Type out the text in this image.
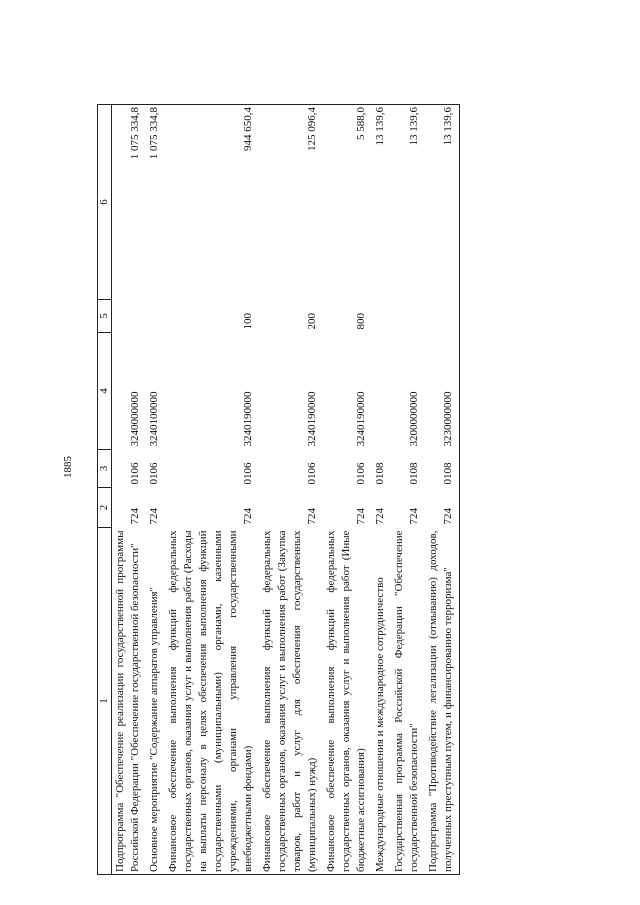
1885
1	2	3	4	5	6
Подпрограмма "Обеспечение реализации государственной программы Российской Федерации "Обеспечение государственной безопасности"	724	0106	3240000000		1 075 334,8
Основное мероприятие "Содержание аппаратов управления"	724	0106	3240100000		1 075 334,8
Финансовое обеспечение выполнения функций федеральных государственных органов, оказания услуг и выполнения работ (Расходы на выплаты персоналу в целях обеспечения выполнения функций государственными (муниципальными) органами, казенными учреждениями, органами управления государственными внебюджетными фондами)	724	0106	3240190000	100	944 650,4
Финансовое обеспечение выполнения функций федеральных государственных органов, оказания услуг и выполнения работ (Закупка товаров, работ и услуг для обеспечения государственных (муниципальных) нужд)	724	0106	3240190000	200	125 096,4
Финансовое обеспечение выполнения функций федеральных государственных органов, оказания услуг и выполнения работ (Иные бюджетные ассигнования)	724	0106	3240190000	800	5 588,0
Международные отношения и международное сотрудничество	724	0108			13 139,6
Государственная программа Российской Федерации "Обеспечение государственной безопасности"	724	0108	3200000000		13 139,6
Подпрограмма "Противодействие легализации (отмыванию) доходов, полученных преступным путем, и финансированию терроризма"	724	0108	3230000000		13 139,6
